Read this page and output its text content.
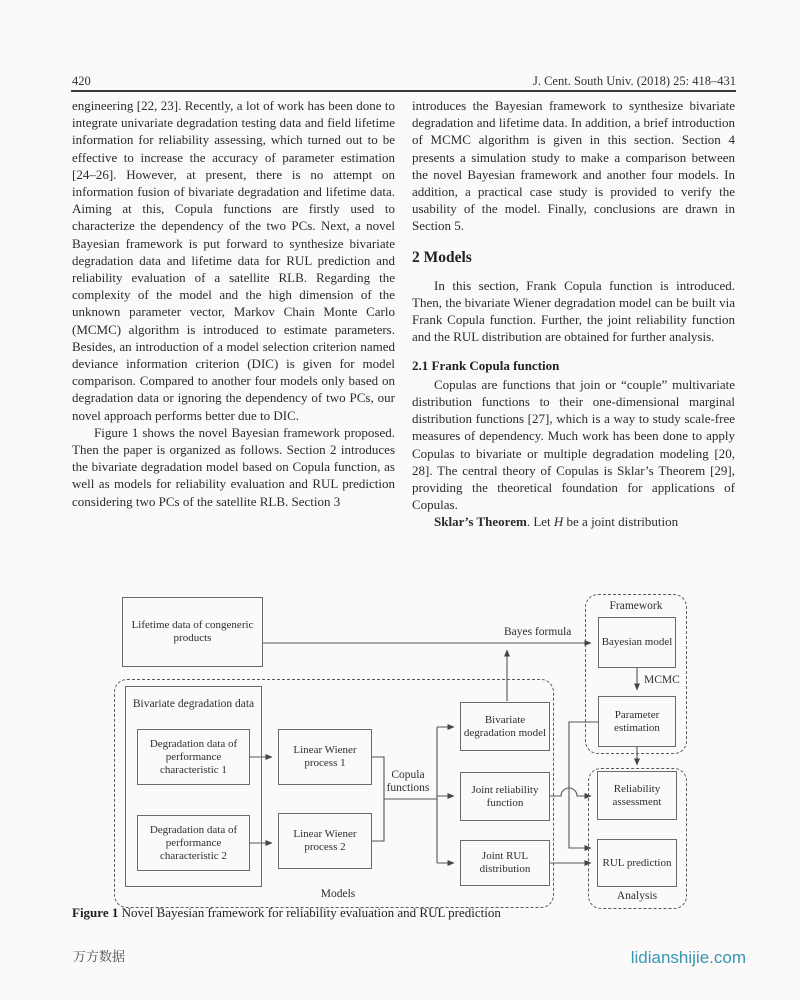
420	J. Cent. South Univ. (2018) 25: 418–431

engineering [22, 23]. Recently, a lot of work has been done to integrate univariate degradation testing data and field lifetime information for reliability assessing, which turned out to be effective to increase the accuracy of parameter estimation [24–26]. However, at present, there is no attempt on information fusion of bivariate degradation and lifetime data. Aiming at this, Copula functions are firstly used to characterize the dependency of the two PCs. Next, a novel Bayesian framework is put forward to synthesize bivariate degradation data and lifetime data for RUL prediction and reliability evaluation of a satellite RLB. Regarding the complexity of the model and the high dimension of the unknown parameter vector, Markov Chain Monte Carlo (MCMC) algorithm is introduced to estimate parameters. Besides, an introduction of a model selection criterion named deviance information criterion (DIC) is given for model comparison. Compared to another four models only based on degradation data or ignoring the dependency of two PCs, our novel approach performs better due to DIC.

Figure 1 shows the novel Bayesian framework proposed. Then the paper is organized as follows. Section 2 introduces the bivariate degradation model based on Copula function, as well as models for reliability evaluation and RUL prediction considering two PCs of the satellite RLB. Section 3

introduces the Bayesian framework to synthesize bivariate degradation and lifetime data. In addition, a brief introduction of MCMC algorithm is given in this section. Section 4 presents a simulation study to make a comparison between the novel Bayesian framework and another four models. In addition, a practical case study is provided to verify the usability of the model. Finally, conclusions are drawn in Section 5.

2 Models

In this section, Frank Copula function is introduced. Then, the bivariate Wiener degradation model can be built via Frank Copula function. Further, the joint reliability function and the RUL distribution are obtained for further analysis.

2.1 Frank Copula function

Copulas are functions that join or “couple” multivariate distribution functions to their one-dimensional marginal distribution functions [27], which is a way to study scale-free measures of dependency. Much work has been done to apply Copulas to bivariate or multiple degradation modeling [20, 28]. The central theory of Copulas is Sklar’s Theorem [29], providing the theoretical foundation for applications of Copulas.

Sklar’s Theorem. Let H be a joint distribution

Lifetime data of congeneric products
Bivariate degradation data
Degradation data of performance characteristic 1
Degradation data of performance characteristic 2
Linear Wiener process 1
Linear Wiener process 2
Bivariate degradation model
Joint reliability function
Joint RUL distribution
Bayesian model
Parameter estimation
Reliability assessment
RUL prediction
Bayes formula
MCMC
Copula functions
Models
Framework
Analysis
Figure 1 Novel Bayesian framework for reliability evaluation and RUL prediction
万方数据	lidianshijie.com
